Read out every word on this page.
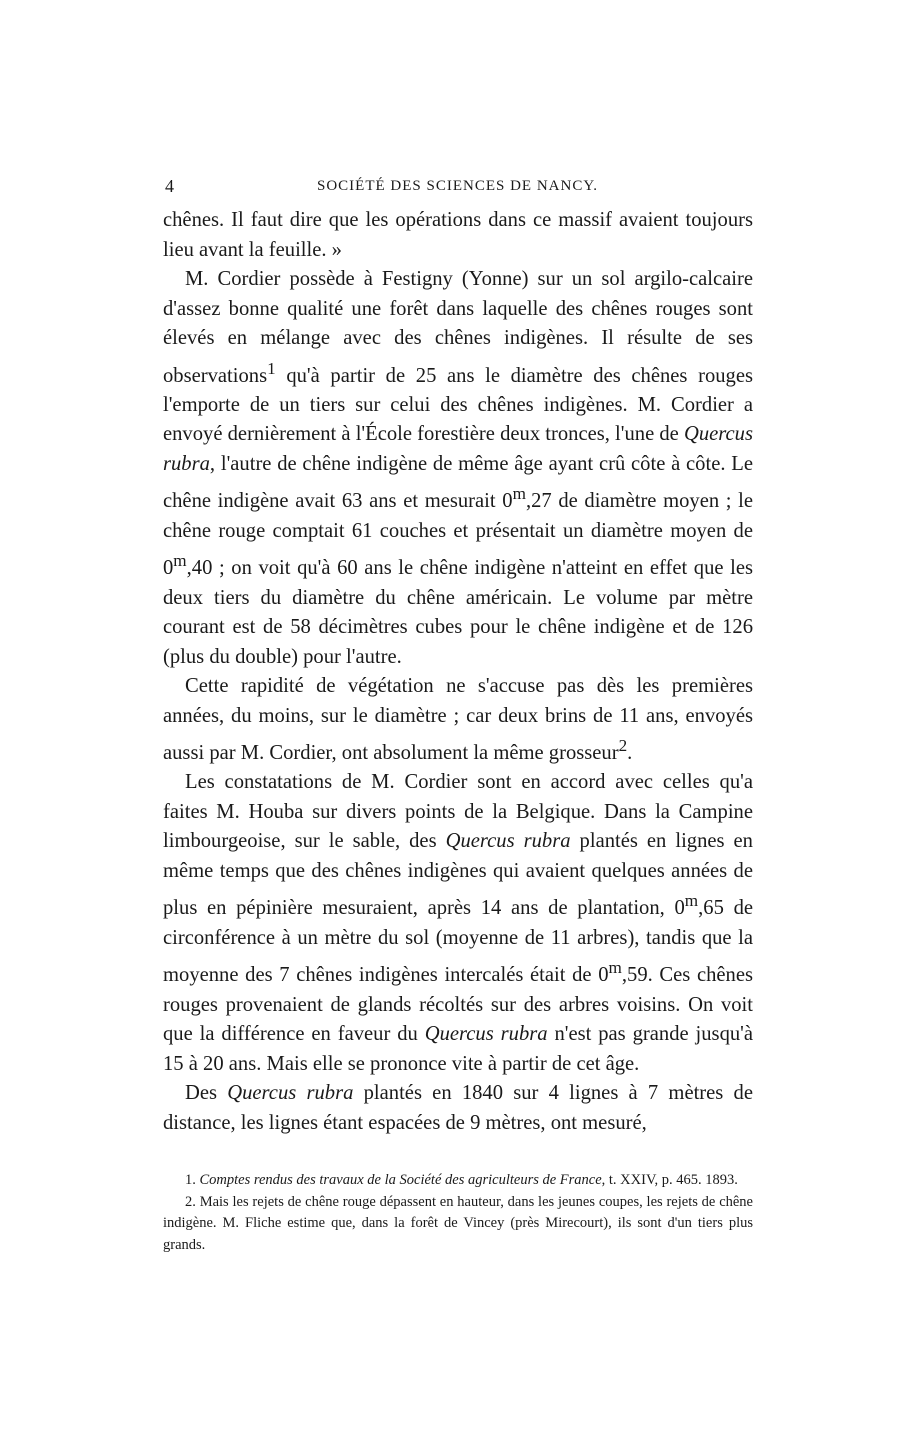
4	SOCIÉTÉ DES SCIENCES DE NANCY.

chênes. Il faut dire que les opérations dans ce massif avaient toujours lieu avant la feuille. »

M. Cordier possède à Festigny (Yonne) sur un sol argilo-calcaire d'assez bonne qualité une forêt dans laquelle des chênes rouges sont élevés en mélange avec des chênes indigènes. Il résulte de ses observations$^1$ qu'à partir de 25 ans le diamètre des chênes rouges l'emporte de un tiers sur celui des chênes indigènes. M. Cordier a envoyé dernièrement à l'École forestière deux tronces, l'une de Quercus rubra, l'autre de chêne indigène de même âge ayant crû côte à côte. Le chêne indigène avait 63 ans et mesurait 0$^m$,27 de diamètre moyen ; le chêne rouge comptait 61 couches et présentait un diamètre moyen de 0$^m$,40 ; on voit qu'à 60 ans le chêne indigène n'atteint en effet que les deux tiers du diamètre du chêne américain. Le volume par mètre courant est de 58 décimètres cubes pour le chêne indigène et de 126 (plus du double) pour l'autre.

Cette rapidité de végétation ne s'accuse pas dès les premières années, du moins, sur le diamètre ; car deux brins de 11 ans, envoyés aussi par M. Cordier, ont absolument la même grosseur$^2$.

Les constatations de M. Cordier sont en accord avec celles qu'a faites M. Houba sur divers points de la Belgique. Dans la Campine limbourgeoise, sur le sable, des Quercus rubra plantés en lignes en même temps que des chênes indigènes qui avaient quelques années de plus en pépinière mesuraient, après 14 ans de plantation, 0$^m$,65 de circonférence à un mètre du sol (moyenne de 11 arbres), tandis que la moyenne des 7 chênes indigènes intercalés était de 0$^m$,59. Ces chênes rouges provenaient de glands récoltés sur des arbres voisins. On voit que la différence en faveur du Quercus rubra n'est pas grande jusqu'à 15 à 20 ans. Mais elle se prononce vite à partir de cet âge.

Des Quercus rubra plantés en 1840 sur 4 lignes à 7 mètres de distance, les lignes étant espacées de 9 mètres, ont mesuré,

1. Comptes rendus des travaux de la Société des agriculteurs de France, t. XXIV, p. 465. 1893.

2. Mais les rejets de chêne rouge dépassent en hauteur, dans les jeunes coupes, les rejets de chêne indigène. M. Fliche estime que, dans la forêt de Vincey (près Mirecourt), ils sont d'un tiers plus grands.
